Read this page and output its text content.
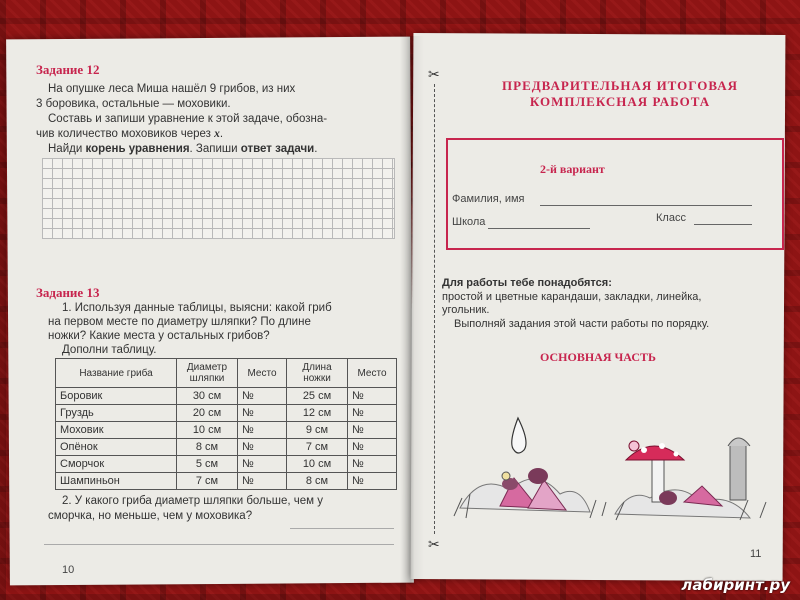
Задание 12
На опушке леса Миша нашёл 9 грибов, из них
3 боровика, остальные — моховики.
Составь и запиши уравнение к этой задаче, обозна-
чив количество моховиков через x.
Найди корень уравнения. Запиши ответ задачи.
Задание 13
1. Используя данные таблицы, выясни: какой гриб
на первом месте по диаметру шляпки? По длине
ножки? Какие места у остальных грибов?
Дополни таблицу.
Название гриба	Диаметр шляпки	Место	Длина ножки	Место
Боровик	30 см	№	25 см	№
Груздь	20 см	№	12 см	№
Моховик	10 см	№	9 см	№
Опёнок	8 см	№	7 см	№
Сморчок	5 см	№	10 см	№
Шампиньон	7 см	№	8 см	№
2. У какого гриба диаметр шляпки больше, чем у
сморчка, но меньше, чем у моховика?
10
✂
✂
ПРЕДВАРИТЕЛЬНАЯ ИТОГОВАЯ
КОМПЛЕКСНАЯ РАБОТА
2-й вариант
Фамилия, имя
Школа	Класс
Для работы тебе понадобятся:
простой и цветные карандаши, закладки, линейка,
угольник.
Выполняй задания этой части работы по порядку.
ОСНОВНАЯ ЧАСТЬ
11
лабиринт.ру
